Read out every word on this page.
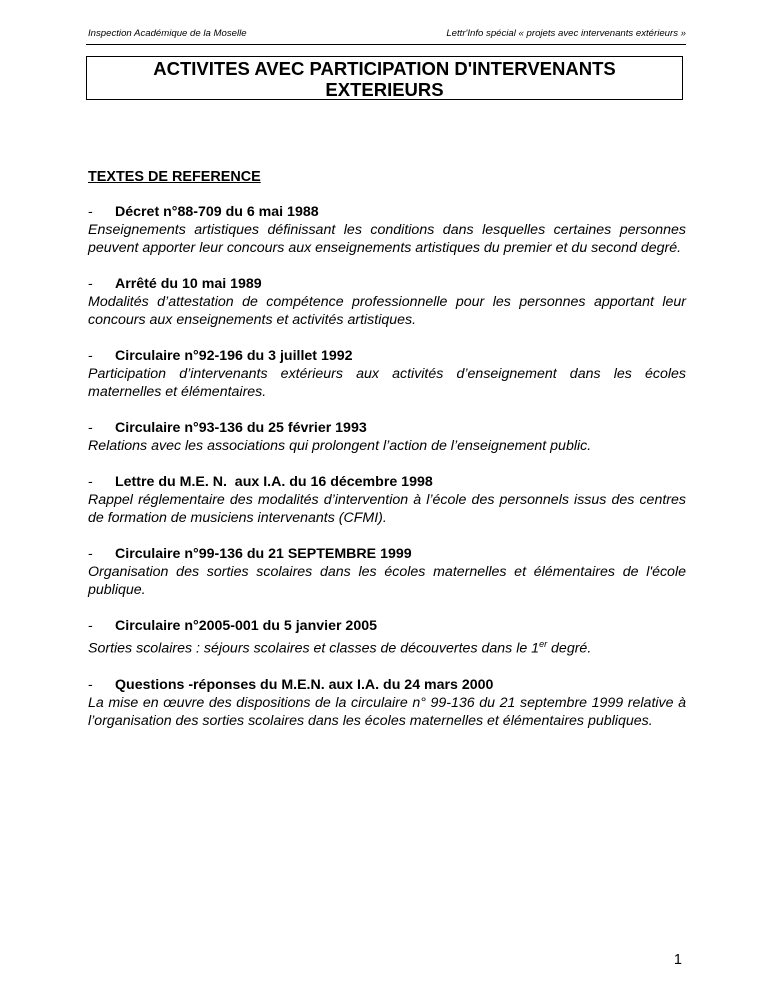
Inspection Académique de la Moselle	Lettr'Info spécial « projets avec intervenants extérieurs »
ACTIVITES AVEC PARTICIPATION D'INTERVENANTS
EXTERIEURS
TEXTES DE REFERENCE
- Décret n°88-709 du 6 mai 1988
Enseignements artistiques définissant les conditions dans lesquelles certaines personnes peuvent apporter leur concours aux enseignements artistiques du premier et du second degré.
- Arrêté du 10 mai 1989
Modalités d’attestation de compétence professionnelle pour les personnes apportant leur concours aux enseignements et activités artistiques.
- Circulaire n°92-196 du 3 juillet 1992
Participation d’intervenants extérieurs aux activités d’enseignement dans les écoles maternelles et élémentaires.
- Circulaire n°93-136 du 25 février 1993
Relations avec les associations qui prolongent l’action de l’enseignement public.
- Lettre du M.E. N.  aux I.A. du 16 décembre 1998
Rappel réglementaire des modalités d’intervention à l’école des personnels issus des centres de formation de musiciens intervenants (CFMI).
- Circulaire n°99-136 du 21 SEPTEMBRE 1999
Organisation des sorties scolaires dans les écoles maternelles et élémentaires de l'école publique.
- Circulaire n°2005-001 du 5 janvier 2005
Sorties scolaires : séjours scolaires et classes de découvertes dans le 1er degré.
- Questions -réponses du M.E.N. aux I.A. du 24 mars 2000
La mise en œuvre des dispositions de la circulaire n° 99-136 du 21 septembre 1999 relative à l’organisation des sorties scolaires dans les écoles maternelles et élémentaires publiques.
1
